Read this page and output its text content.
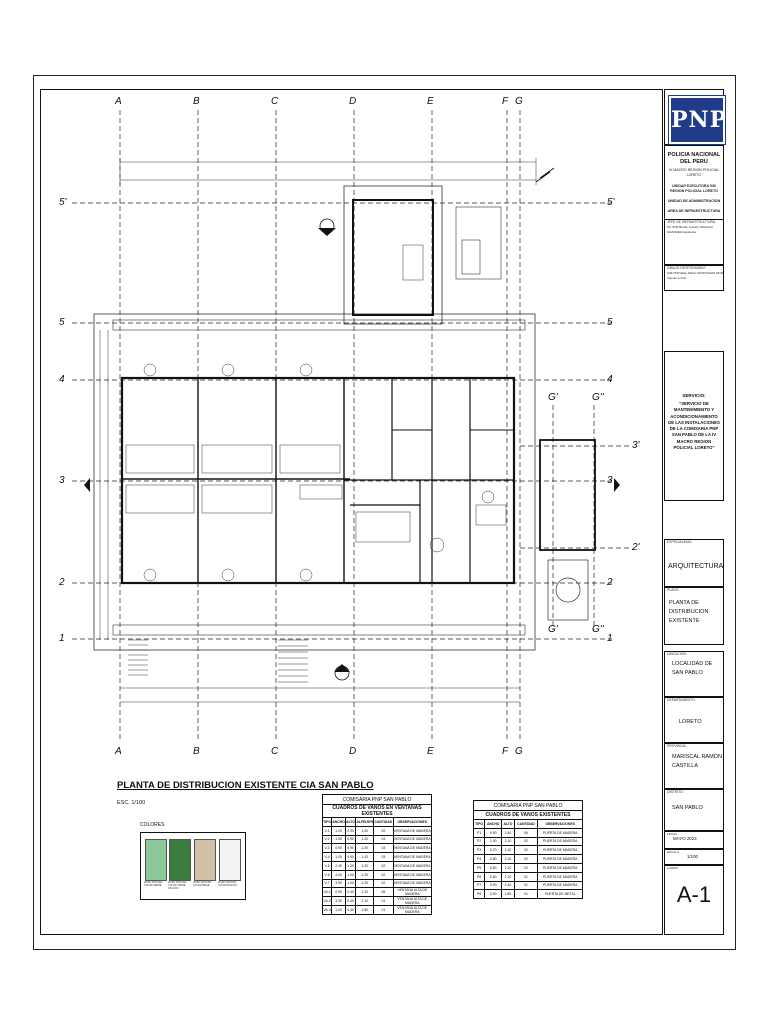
A
A
B
B
C
C
D
D
E
E
F
F
G
G
5'	5'
5	5
4	4
3	3
2	2
1	1
G'	G''
G'	G''
3'
2'
PLANTA DE DISTRIBUCION EXISTENTE CIA SAN PABLO
ESC. 1/100
COLORES
MURO PINTADO COLOR VERDE
MURO PINTADO COLOR VERDE OSCURO
MURO PINTADO COLOR BEIGE
MURO PINTADO COLOR BLANCO
COMISARIA PNP SAN PABLO					
CUADROS DE VANOS EN VENTANAS EXISTENTES					
TIPO	ANCHO	ALTO	ALFEIZER	CANTIDAD	OBSERVACIONES
V-1	1.20	0.90	1.20	02	VENTANA DE MADERA
V-2	1.50	0.90	1.20	04	VENTANA DE MADERA
V-3	0.90	0.90	1.20	03	VENTANA DE MADERA
V-4	1.00	0.90	1.20	03	VENTANA DE MADERA
V-5	2.40	1.20	1.20	02	VENTANA DE MADERA
V-6	4.00	1.00	1.20	02	VENTANA DE MADERA
V-7	3.90	1.00	1.20	02	VENTANA DE MADERA
VA-1	0.90	0.40	2.10	05	VENTANA ALTA DE MADERA
VA-2	3.30	0.40	2.10	01	VENTANA ALTA DE MADERA
VA-3	1.00	0.40	1.80	01	VENTANA ALTA DE MADERA
COMISARIA PNP SAN PABLO				
CUADROS DE VANOS EXISTENTES				
TIPO	ANCHO	ALTO	CANTIDAD	OBSERVACIONES
P1	0.90	2.40	06	PUERTA DE MADERA
P2	1.00	2.10	02	PUERTA DE MADERA
P3	0.70	2.10	02	PUERTA DE MADERA
P4	0.80	2.10	02	PUERTA DE MADERA
P5	0.80	2.10	02	PUERTA DE MADERA
P6	0.60	2.10	01	PUERTA DE MADERA
P7	0.90	2.40	01	PUERTA DE MADERA
P8	0.90	1.80	01	PUERTA DE METAL
PNP
POLICIA NACIONAL
DEL PERU
IV MACRO REGION POLICIAL LORETO
UNIDAD EJECUTORA 036 REGION POLICIAL LORETO
UNIDAD DE ADMINISTRACION
AREA DE INFRAESTRUCTURA
JEFE DE INFRAESTRUCTURA
S3. PNP Beraly Jossely HIDALGO GRANDEZ Arquitecta
DIBUJO RESPONSABLE
S2E PNP Elian Martin MONTALVAN MOR Ingeniero Civil
SERVICIO:
"SERVICIO DE MANTENIMIENTO Y ACONDICIONAMIENTO DE LAS INSTALACIONES DE LA COMISARIA PNP SAN PABLO DE LA IV MACRO REGION POLICIAL LORETO"
ESPECIALIDAD
ARQUITECTURA
PLANO
PLANTA DE DISTRIBUCION EXISTENTE
UBICACION:
LOCALIDAD DE SAN PABLO
DEPARTAMENTO:
LORETO
PROVINCIA:
MARISCAL RAMON CASTILLA
DISTRITO:
SAN PABLO
FECHA
MAYO 2023
ESCALA
1/100
LAMINA
A-1
